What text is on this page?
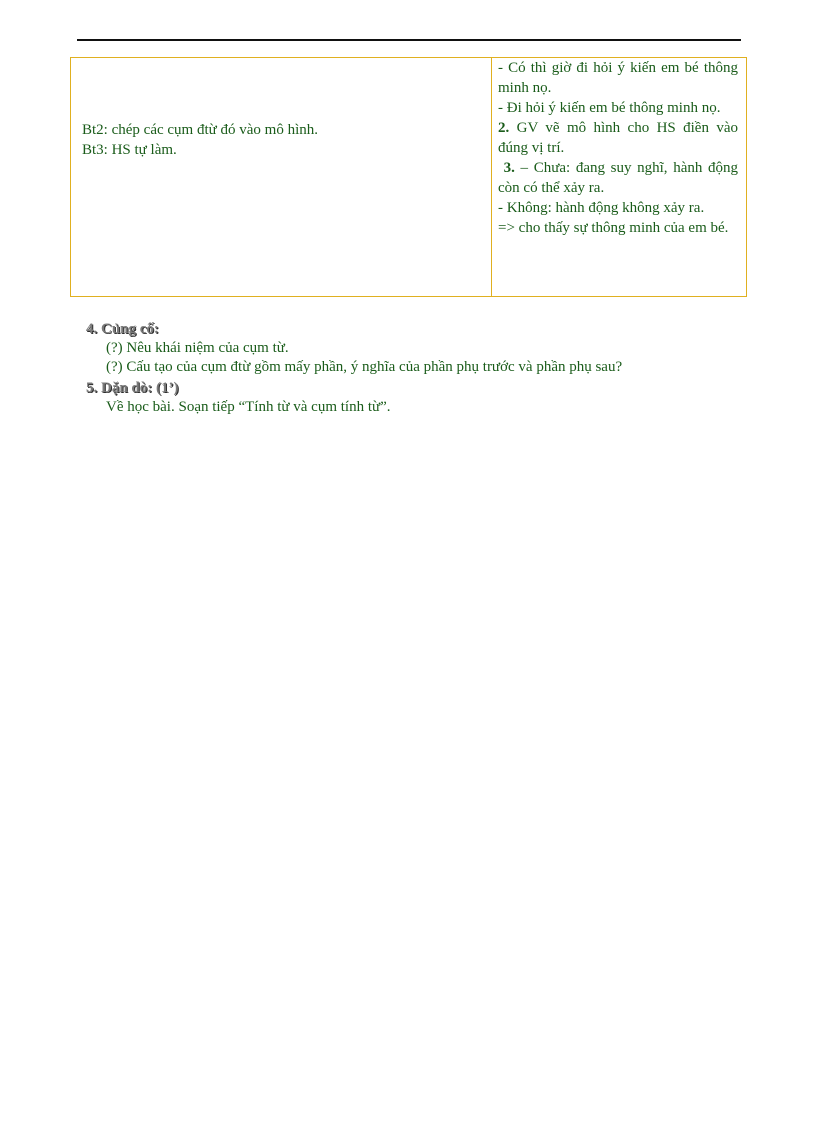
Bt2: chép các cụm đtừ đó vào mô hình.

Bt3: HS tự làm.

- Có thì giờ đi hỏi ý kiến em bé thông minh nọ.

- Đi hỏi ý kiến em bé thông minh nọ.

2. GV vẽ mô hình cho HS điền vào đúng vị trí.

3. – Chưa: đang suy nghĩ, hành động còn có thể xảy ra.

- Không: hành động không xảy ra.

=> cho thấy sự thông minh của em bé.

4. Củng cố:

(?) Nêu khái niệm của cụm từ.

(?) Cấu tạo của cụm đtừ gồm mấy phần, ý nghĩa của phần phụ trước và phần phụ sau?

5. Dặn dò: (1’)

Về học bài. Soạn tiếp “Tính từ và cụm tính từ”.
